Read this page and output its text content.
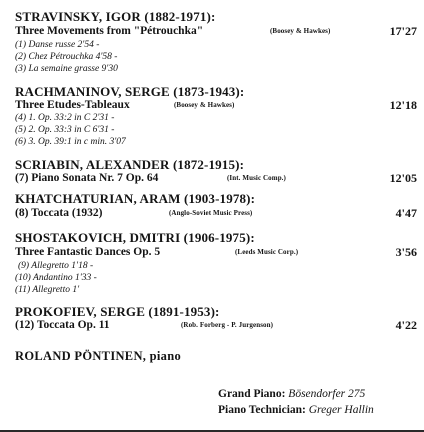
STRAVINSKY, IGOR (1882-1971):
Three Movements from "Pétrouchka"	(Boosey & Hawkes)	17'27
(1) Danse russe 2'54 -
(2) Chez Pétrouchka 4'58 -
(3) La semaine grasse 9'30
RACHMANINOV, SERGE (1873-1943):
Three Etudes-Tableaux	(Boosey & Hawkes)	12'18
(4) 1. Op. 33:2 in C 2'31 -
(5) 2. Op. 33:3 in C 6'31 -
(6) 3. Op. 39:1 in c min. 3'07
SCRIABIN, ALEXANDER (1872-1915):
(7) Piano Sonata Nr. 7 Op. 64	(Int. Music Comp.)	12'05
KHATCHATURIAN, ARAM (1903-1978):
(8) Toccata (1932)	(Anglo-Soviet Music Press)	4'47
SHOSTAKOVICH, DMITRI (1906-1975):
Three Fantastic Dances Op. 5	(Leeds Music Corp.)	3'56
(9) Allegretto 1'18 -
(10) Andantino 1'33 -
(11) Allegretto 1'
PROKOFIEV, SERGE (1891-1953):
(12) Toccata Op. 11	(Rob. Forberg - P. Jurgenson)	4'22
ROLAND PÖNTINEN, piano
Grand Piano: Bösendorfer 275
Piano Technician: Greger Hallin
